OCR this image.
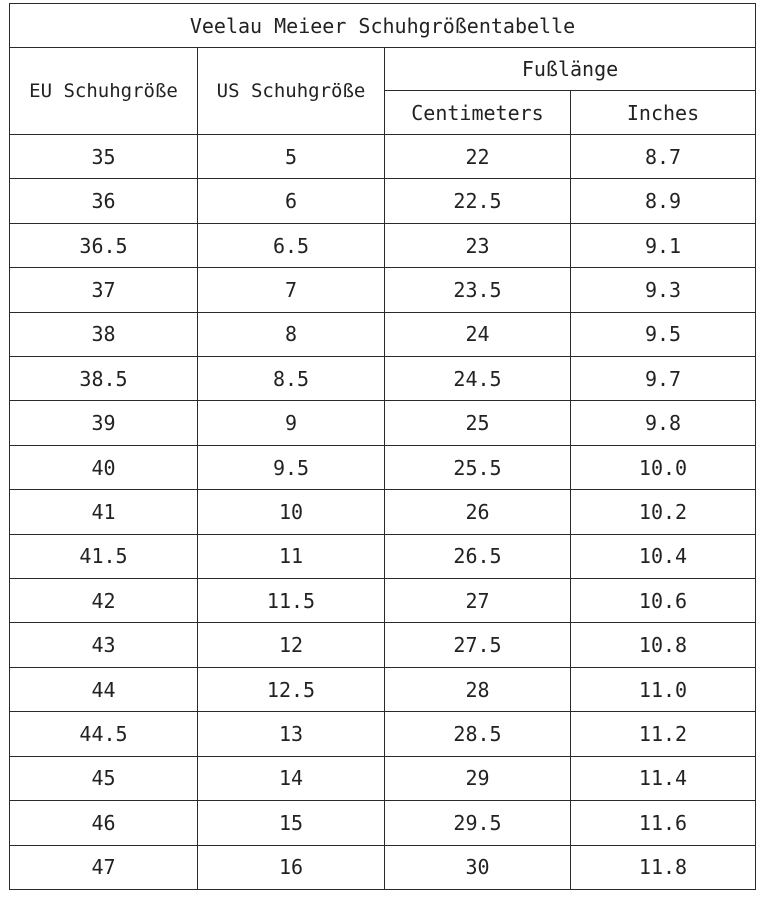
Veelau Meieer Schuhgrößentabelle			
EU Schuhgröße	US Schuhgröße	Fußlänge	
		Centimeters	Inches
35	5	22	8.7
36	6	22.5	8.9
36.5	6.5	23	9.1
37	7	23.5	9.3
38	8	24	9.5
38.5	8.5	24.5	9.7
39	9	25	9.8
40	9.5	25.5	10.0
41	10	26	10.2
41.5	11	26.5	10.4
42	11.5	27	10.6
43	12	27.5	10.8
44	12.5	28	11.0
44.5	13	28.5	11.2
45	14	29	11.4
46	15	29.5	11.6
47	16	30	11.8
